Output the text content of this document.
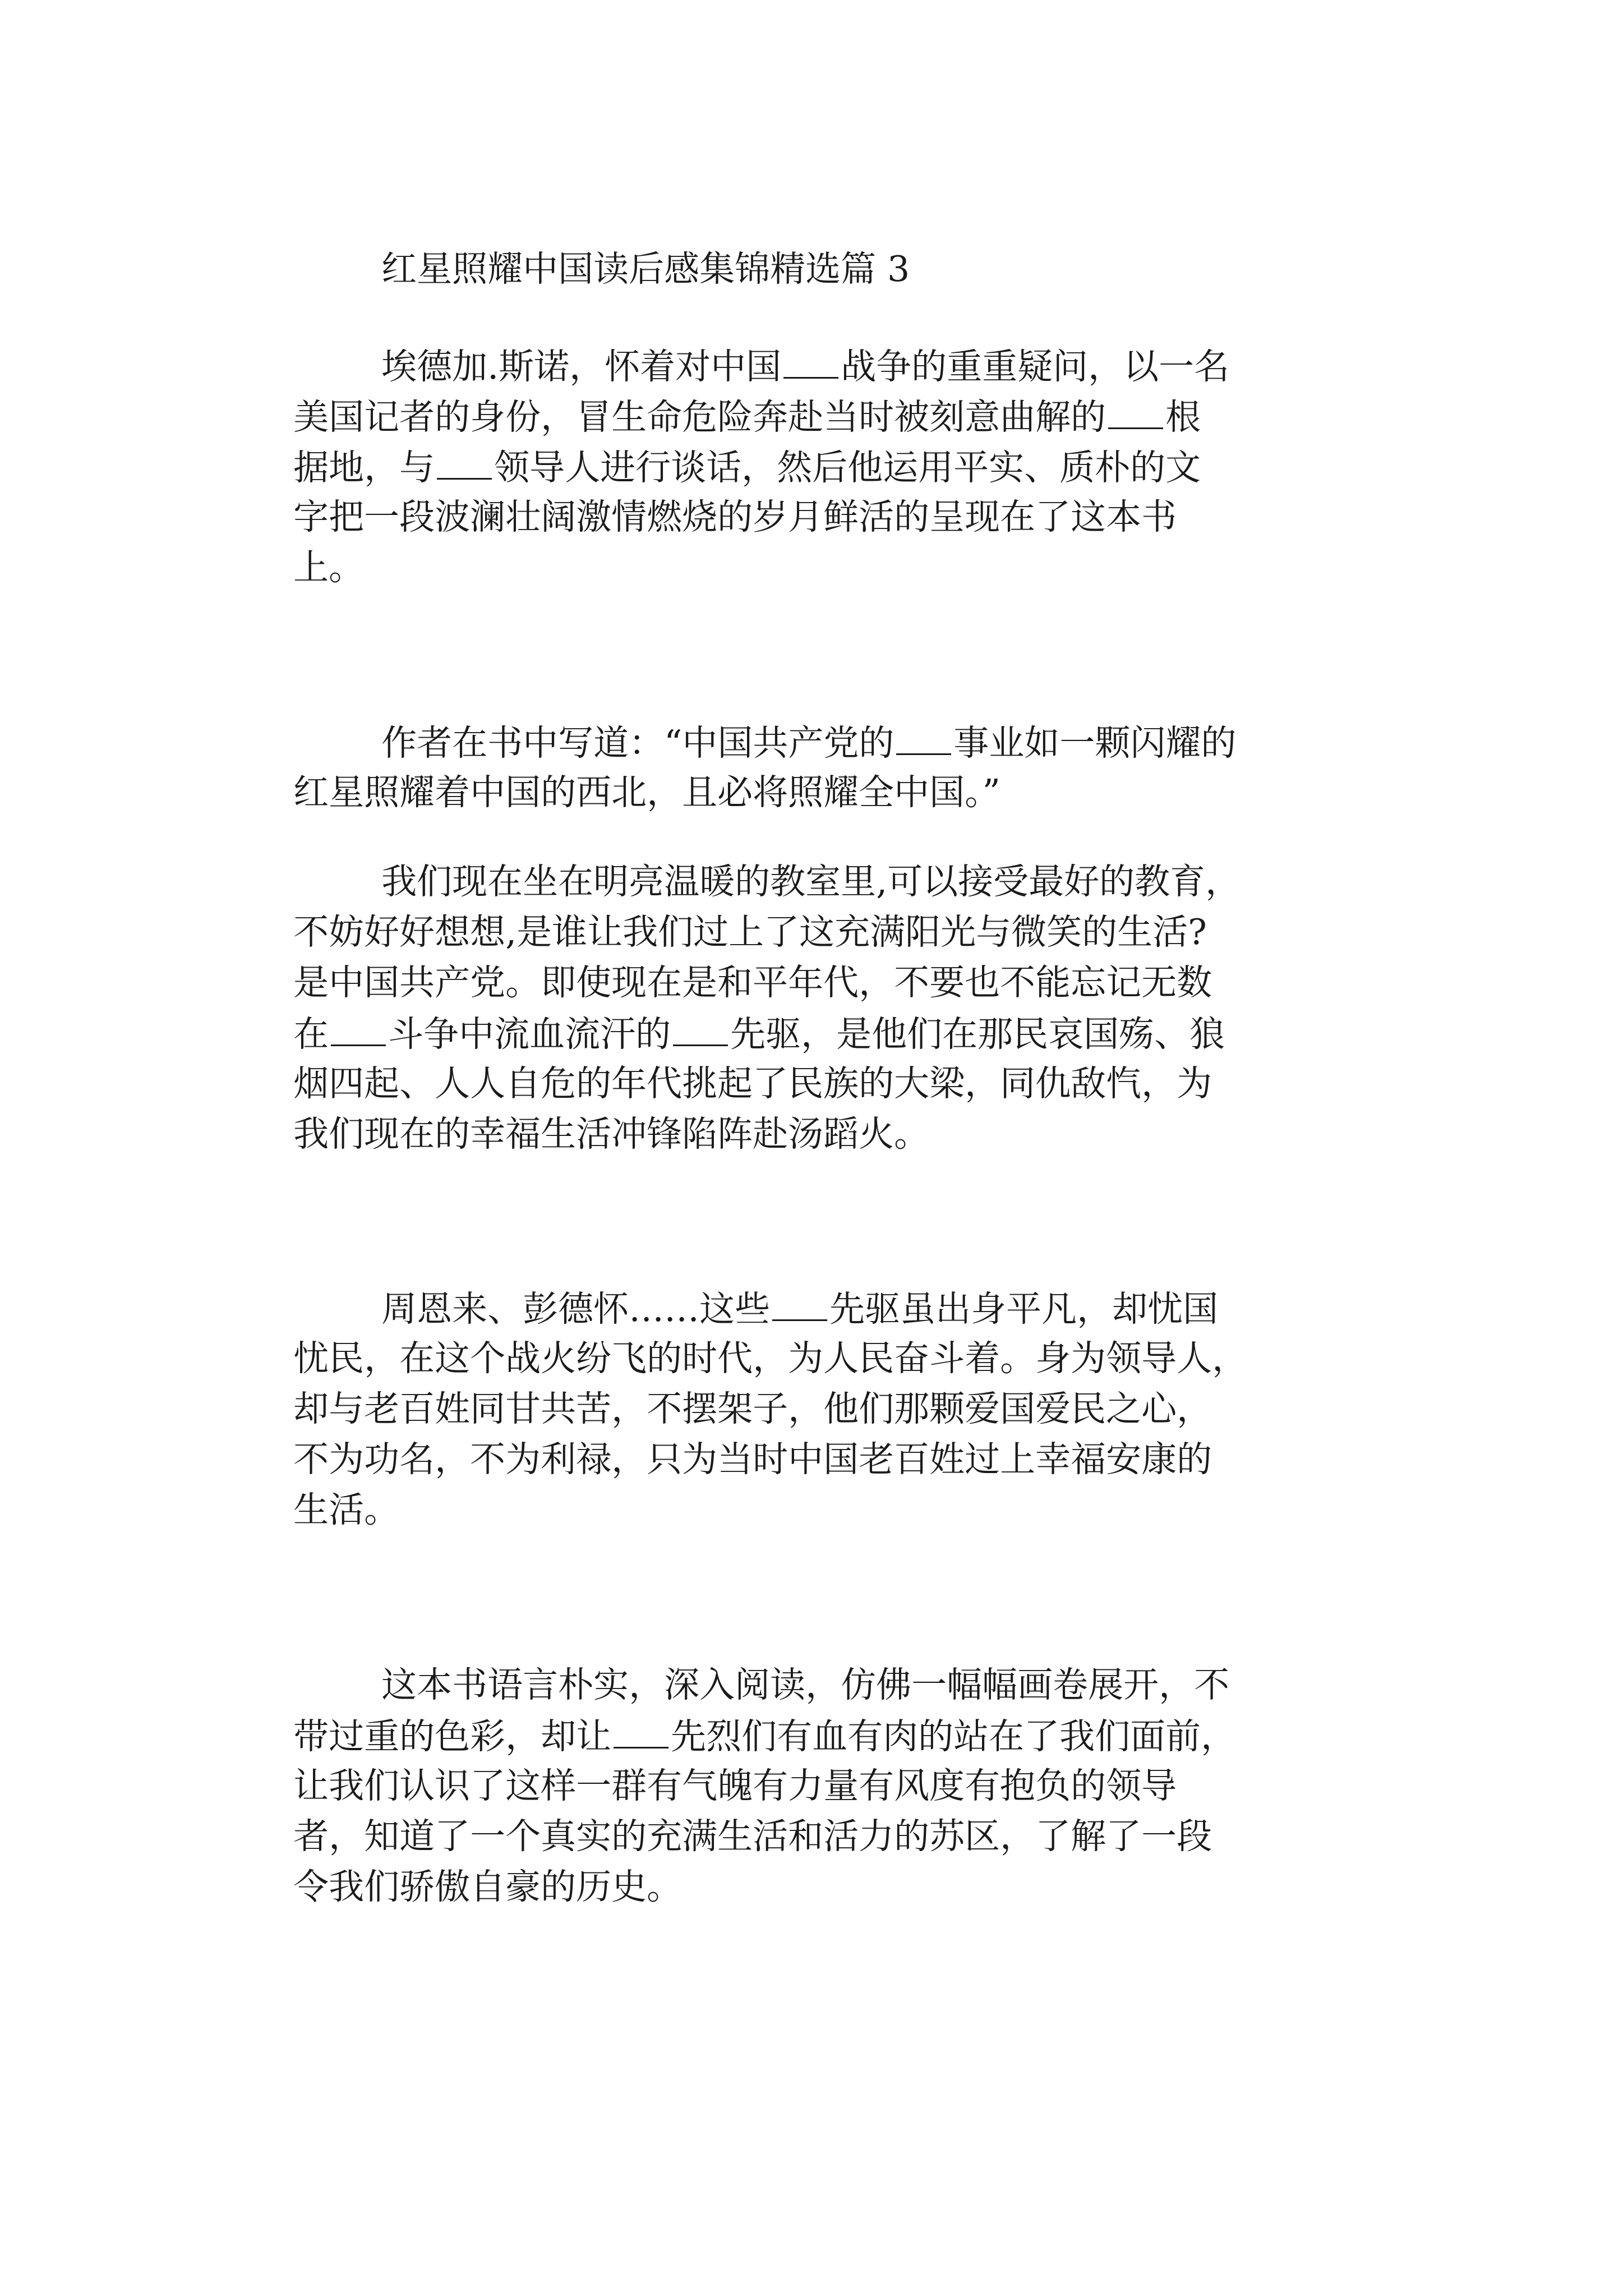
红星照耀中国读后感集锦精选篇 3

埃德加.斯诺，怀着对中国 战争的重重疑问，以一名

美国记者的身份，冒生命危险奔赴当时被刻意曲解的 根

据地，与 领导人进行谈话，然后他运用平实、质朴的文

字把一段波澜壮阔激情燃烧的岁月鲜活的呈现在了这本书

上。

作者在书中写道：“中国共产党的 事业如一颗闪耀的

红星照耀着中国的西北，且必将照耀全中国。”

我们现在坐在明亮温暖的教室里,可以接受最好的教育，

不妨好好想想,是谁让我们过上了这充满阳光与微笑的生活?

是中国共产党。即使现在是和平年代，不要也不能忘记无数

在 斗争中流血流汗的 先驱，是他们在那民哀国殇、狼

烟四起、人人自危的年代挑起了民族的大梁，同仇敌忾，为

我们现在的幸福生活冲锋陷阵赴汤蹈火。

周恩来、彭德怀……这些 先驱虽出身平凡，却忧国

忧民，在这个战火纷飞的时代，为人民奋斗着。身为领导人，

却与老百姓同甘共苦，不摆架子，他们那颗爱国爱民之心，

不为功名，不为利禄，只为当时中国老百姓过上幸福安康的

生活。

这本书语言朴实，深入阅读，仿佛一幅幅画卷展开，不

带过重的色彩，却让 先烈们有血有肉的站在了我们面前，

让我们认识了这样一群有气魄有力量有风度有抱负的领导

者，知道了一个真实的充满生活和活力的苏区，了解了一段

令我们骄傲自豪的历史。
